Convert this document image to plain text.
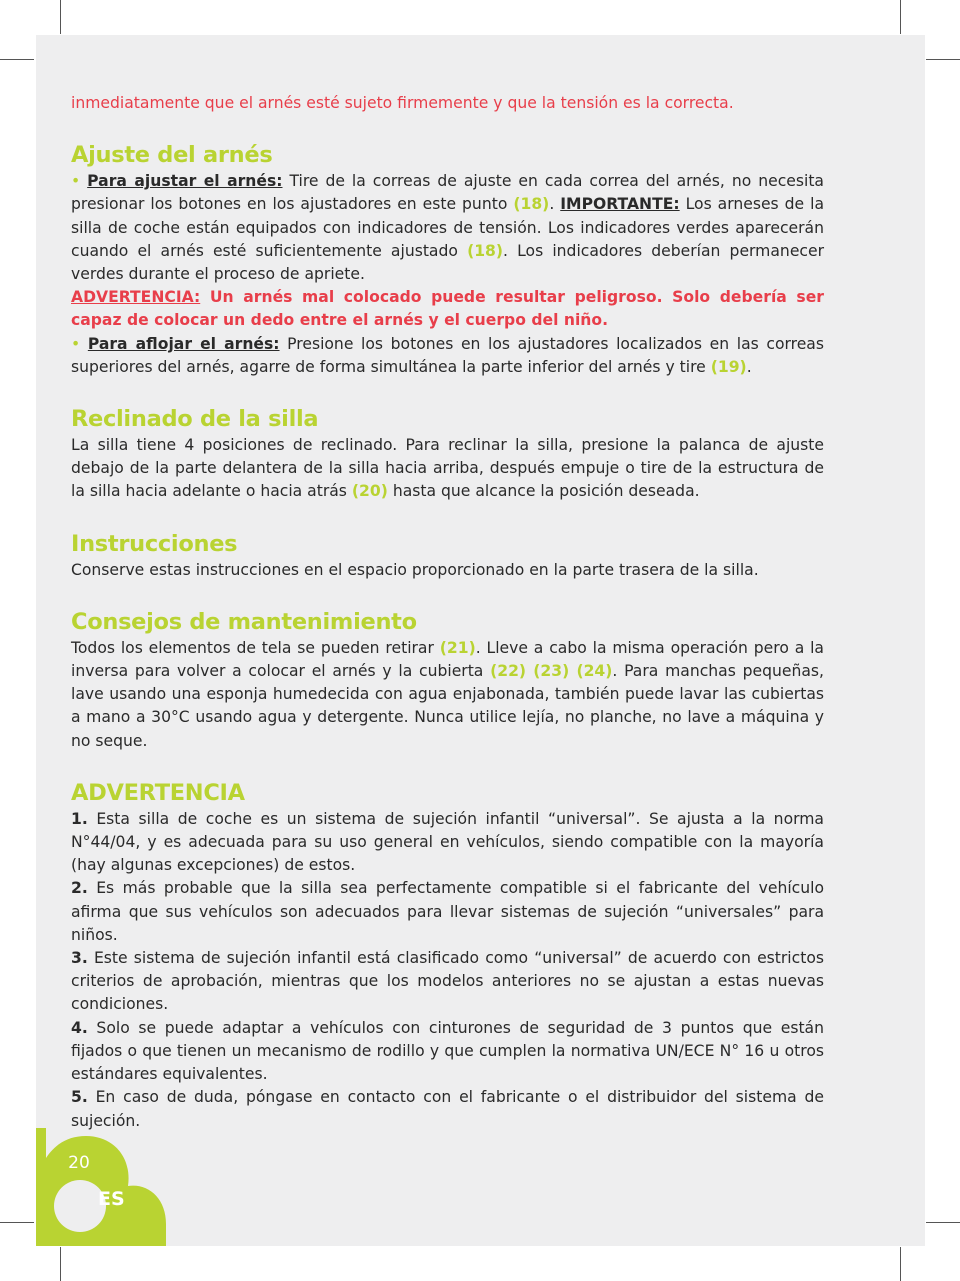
inmediatamente que el arnés esté sujeto firmemente y que la tensión es la correcta.

Ajuste del arnés

• Para ajustar el arnés: Tire de la correas de ajuste en cada correa del arnés, no necesita presionar los botones en los ajustadores en este punto (18). IMPORTANTE: Los arneses de la silla de coche están equipados con indicadores de tensión. Los indicadores verdes aparecerán cuando el arnés esté suficientemente ajustado (18). Los indicadores deberían permanecer verdes durante el proceso de apriete.

ADVERTENCIA: Un arnés mal colocado puede resultar peligroso. Solo debería ser capaz de colocar un dedo entre el arnés y el cuerpo del niño.

• Para aflojar el arnés: Presione los botones en los ajustadores localizados en las correas superiores del arnés, agarre de forma simultánea la parte inferior del arnés y tire (19).

Reclinado de la silla

La silla tiene 4 posiciones de reclinado. Para reclinar la silla, presione la palanca de ajuste debajo de la parte delantera de la silla hacia arriba, después empuje o tire de la estructura de la silla hacia adelante o hacia atrás (20) hasta que alcance la posición deseada.

Instrucciones

Conserve estas instrucciones en el espacio proporcionado en la parte trasera de la silla.

Consejos de mantenimiento

Todos los elementos de tela se pueden retirar (21). Lleve a cabo la misma operación pero a la inversa para volver a colocar el arnés y la cubierta (22) (23) (24). Para manchas pequeñas, lave usando una esponja humedecida con agua enjabonada, también puede lavar las cubiertas a mano a 30°C usando agua y detergente. Nunca utilice lejía, no planche, no lave a máquina y no seque.

ADVERTENCIA

1. Esta silla de coche es un sistema de sujeción infantil “universal”. Se ajusta a la norma N°44/04, y es adecuada para su uso general en vehículos, siendo compatible con la mayoría (hay algunas excepciones) de estos.

2. Es más probable que la silla sea perfectamente compatible si el fabricante del vehículo afirma que sus vehículos son adecuados para llevar sistemas de sujeción “universales” para niños.

3. Este sistema de sujeción infantil está clasificado como “universal” de acuerdo con estrictos criterios de aprobación, mientras que los modelos anteriores no se ajustan a estas nuevas condiciones.

4. Solo se puede adaptar a vehículos con cinturones de seguridad de 3 puntos que están fijados o que tienen un mecanismo de rodillo y que cumplen la normativa UN/ECE N° 16 u otros estándares equivalentes.

5. En caso de duda, póngase en contacto con el fabricante o el distribuidor del sistema de sujeción.

20
ES
